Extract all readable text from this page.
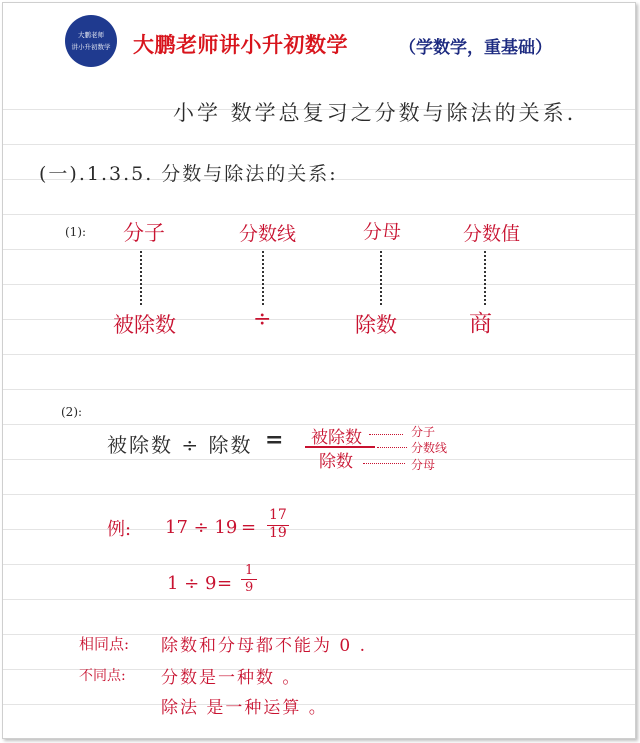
大鹏老师
讲小升初数学	大鹏老师讲小升初数学	（学数学，重基础）
小学 数学总复习之分数与除法的关系.
(一).1.3.5. 分数与除法的关系:
(1): 分子	分数线	分母	分数值
被除数	÷	除数	商
(2):
被除数 ÷ 除数 = 被除数
除数
分子
分数线
分母
例: 17 ÷ 19 =
17
19
1 ÷ 9 =
1
9
相同点: 除数和分母都不能为 0 .
不同点: 分数是一种数 。
除法 是一种运算 。
